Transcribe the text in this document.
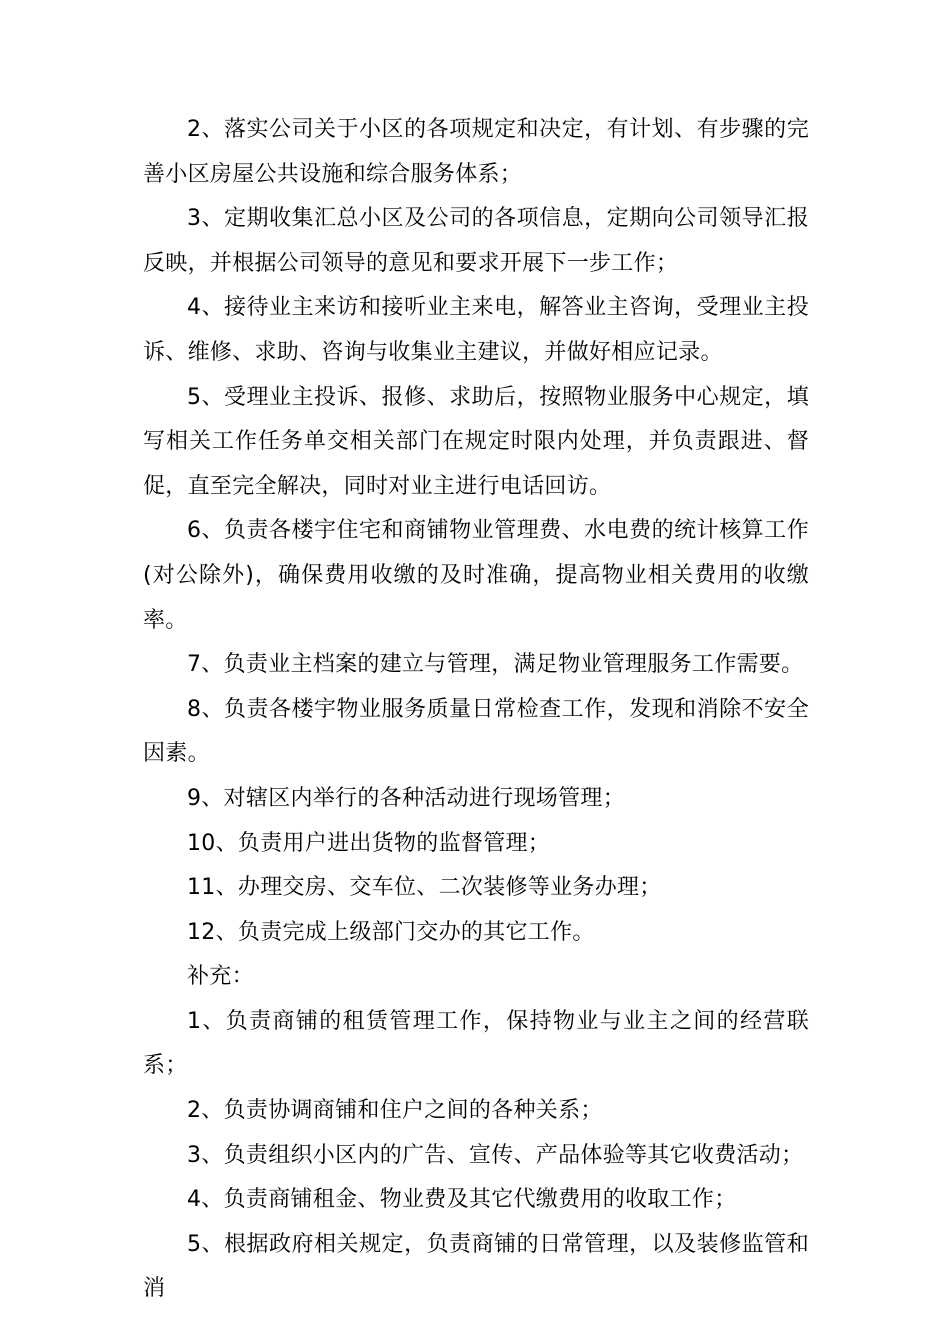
2、落实公司关于小区的各项规定和决定，有计划、有步骤的完善小区房屋公共设施和综合服务体系；

3、定期收集汇总小区及公司的各项信息，定期向公司领导汇报反映，并根据公司领导的意见和要求开展下一步工作；

4、接待业主来访和接听业主来电，解答业主咨询，受理业主投诉、维修、求助、咨询与收集业主建议，并做好相应记录。

5、受理业主投诉、报修、求助后，按照物业服务中心规定，填写相关工作任务单交相关部门在规定时限内处理，并负责跟进、督促，直至完全解决，同时对业主进行电话回访。

6、负责各楼宇住宅和商铺物业管理费、水电费的统计核算工作(对公除外)，确保费用收缴的及时准确，提高物业相关费用的收缴率。

7、负责业主档案的建立与管理，满足物业管理服务工作需要。

8、负责各楼宇物业服务质量日常检查工作，发现和消除不安全因素。

9、对辖区内举行的各种活动进行现场管理；

10、负责用户进出货物的监督管理；

11、办理交房、交车位、二次装修等业务办理；

12、负责完成上级部门交办的其它工作。

补充：

1、负责商铺的租赁管理工作，保持物业与业主之间的经营联系；

2、负责协调商铺和住户之间的各种关系；

3、负责组织小区内的广告、宣传、产品体验等其它收费活动；

4、负责商铺租金、物业费及其它代缴费用的收取工作；

5、根据政府相关规定，负责商铺的日常管理，以及装修监管和消
